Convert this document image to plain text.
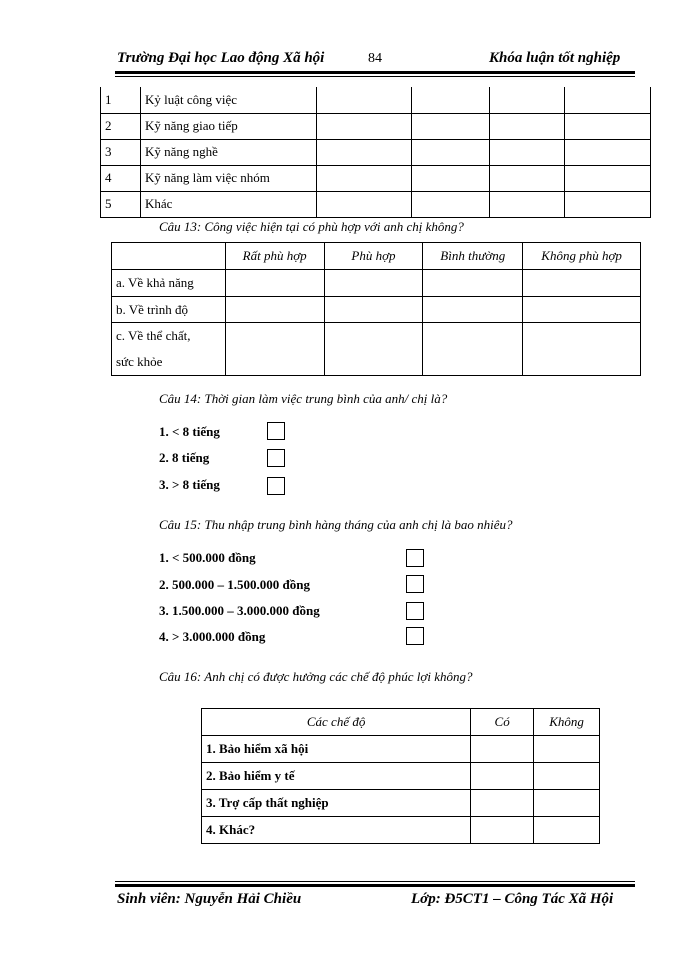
Trường Đại học Lao động Xã hội	84	Khóa luận tốt nghiệp
1	Kỷ luật công việc				
2	Kỹ năng giao tiếp				
3	Kỹ năng nghề				
4	Kỹ năng làm việc nhóm				
5	Khác				
Câu 13: Công việc hiện tại có phù hợp với anh chị không?
	Rất phù hợp	Phù hợp	Bình thường	Không phù hợp
a. Về khả năng				
b. Về trình độ				
c. Về thể chất,
sức khỏe				
Câu 14: Thời gian làm việc trung bình của anh/ chị là?
1. < 8 tiếng
2. 8 tiếng
3. > 8 tiếng
Câu 15: Thu nhập trung bình hàng tháng của anh chị là bao nhiêu?
1. < 500.000 đồng
2. 500.000 – 1.500.000 đồng
3. 1.500.000 – 3.000.000 đồng
4. > 3.000.000 đồng
Câu 16: Anh chị có được hưởng các chế độ phúc lợi không?
Các chế độ	Có	Không
1. Bảo hiểm xã hội		
2. Bảo hiểm y tế		
3. Trợ cấp thất nghiệp		
4. Khác?		
Sinh viên: Nguyễn Hải Chiều	Lớp: Đ5CT1 – Công Tác Xã Hội
